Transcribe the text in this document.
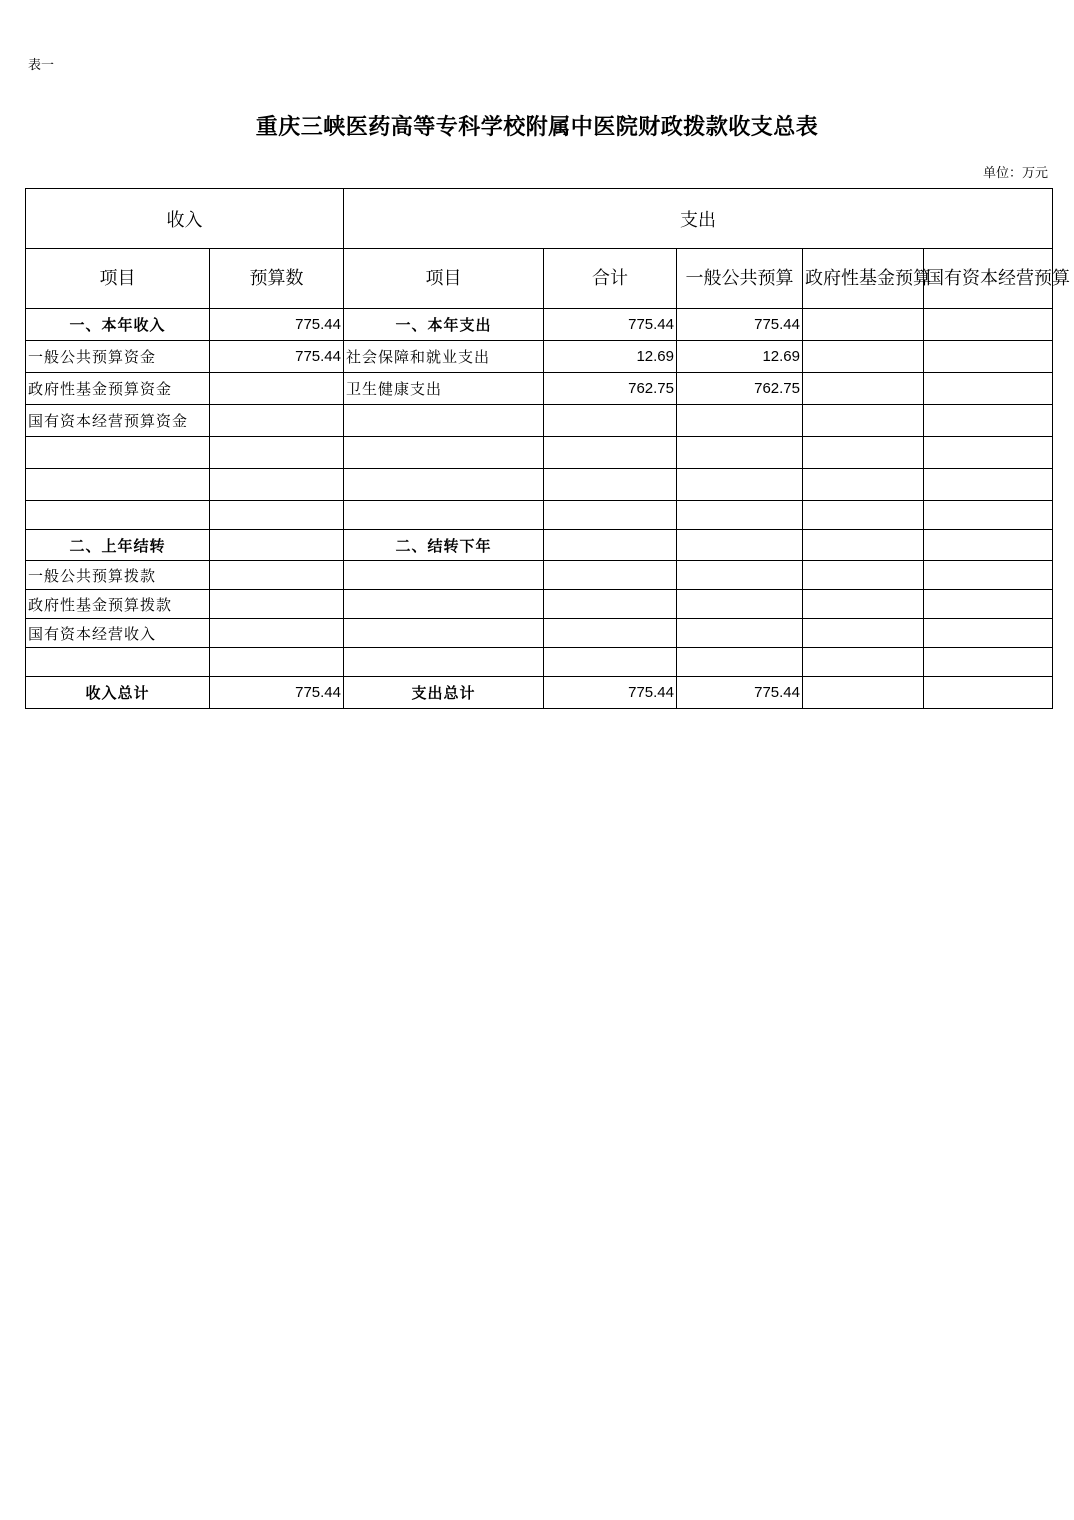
表一
重庆三峡医药高等专科学校附属中医院财政拨款收支总表
单位：万元
收入		支出				
项目	预算数	项目	合计	一般公共预算	政府性基金预算	国有资本经营预算
一、本年收入	775.44	一、本年支出	775.44	775.44		
一般公共预算资金	775.44	社会保障和就业支出	12.69	12.69		
政府性基金预算资金		卫生健康支出	762.75	762.75		
国有资本经营预算资金						

二、上年结转		二、结转下年				
一般公共预算拨款						
政府性基金预算拨款						
国有资本经营收入						

收入总计	775.44	支出总计	775.44	775.44		
